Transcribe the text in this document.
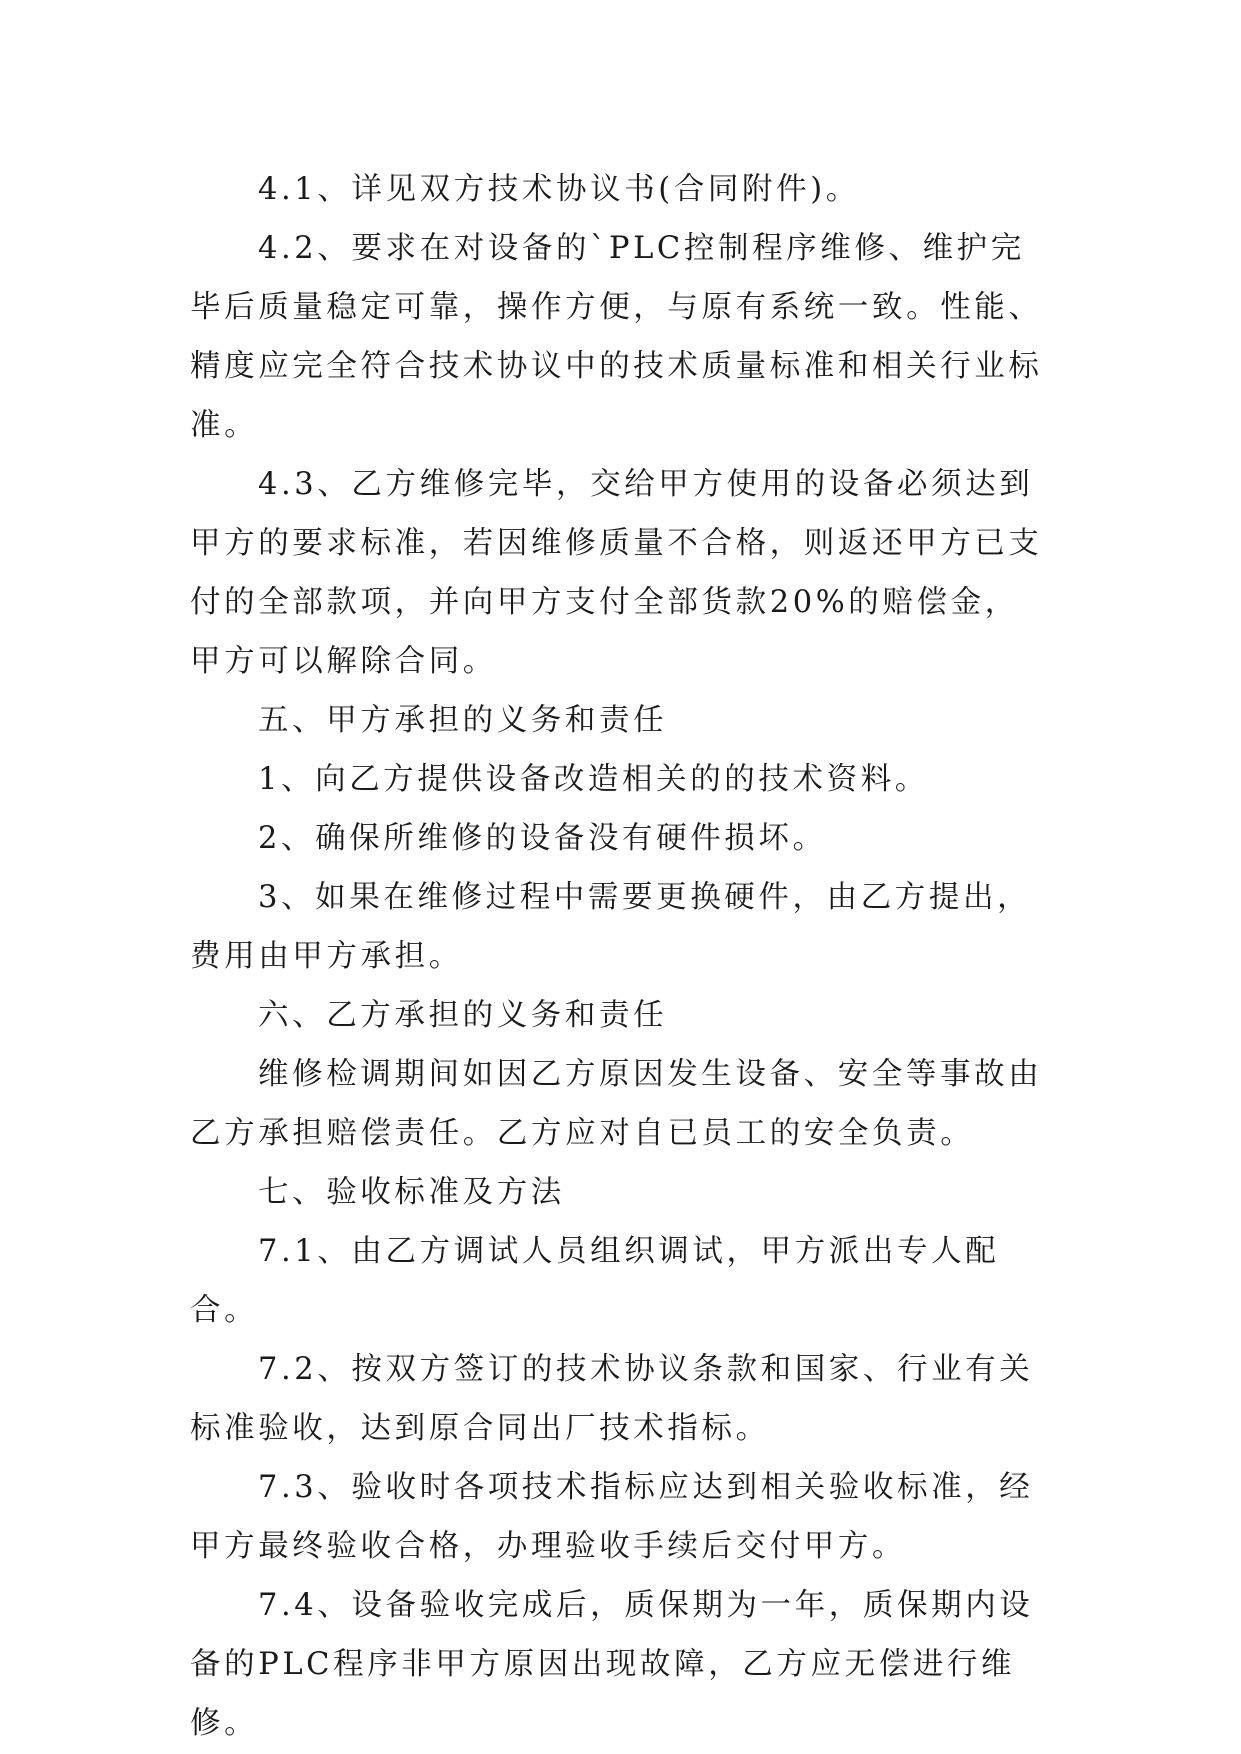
4.1、详见双方技术协议书(合同附件)。

4.2、要求在对设备的`PLC控制程序维修、维护完毕后质量稳定可靠，操作方便，与原有系统一致。性能、精度应完全符合技术协议中的技术质量标准和相关行业标准。

4.3、乙方维修完毕，交给甲方使用的设备必须达到甲方的要求标准，若因维修质量不合格，则返还甲方已支付的全部款项，并向甲方支付全部货款20%的赔偿金，甲方可以解除合同。

五、甲方承担的义务和责任

1、向乙方提供设备改造相关的的技术资料。

2、确保所维修的设备没有硬件损坏。

3、如果在维修过程中需要更换硬件，由乙方提出，费用由甲方承担。

六、乙方承担的义务和责任

维修检调期间如因乙方原因发生设备、安全等事故由乙方承担赔偿责任。乙方应对自已员工的安全负责。

七、验收标准及方法

7.1、由乙方调试人员组织调试，甲方派出专人配合。

7.2、按双方签订的技术协议条款和国家、行业有关标准验收，达到原合同出厂技术指标。

7.3、验收时各项技术指标应达到相关验收标准，经甲方最终验收合格，办理验收手续后交付甲方。

7.4、设备验收完成后，质保期为一年，质保期内设备的PLC程序非甲方原因出现故障，乙方应无偿进行维修。
